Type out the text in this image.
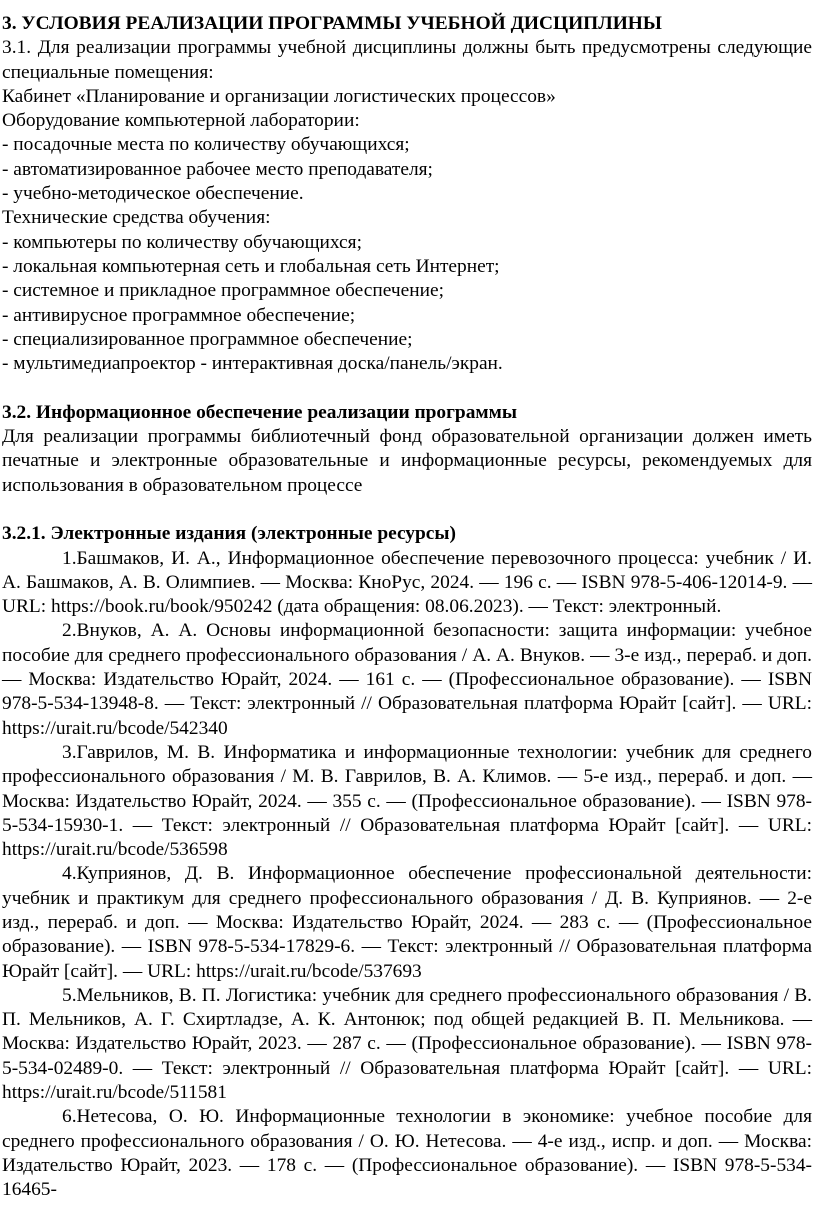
3. УСЛОВИЯ РЕАЛИЗАЦИИ ПРОГРАММЫ УЧЕБНОЙ ДИСЦИПЛИНЫ

3.1. Для реализации программы учебной дисциплины должны быть предусмотрены следующие специальные помещения:

Кабинет «Планирование и организации логистических процессов»

Оборудование компьютерной лаборатории:

- посадочные места по количеству обучающихся;

- автоматизированное рабочее место преподавателя;

- учебно-методическое обеспечение.

Технические средства обучения:

- компьютеры по количеству обучающихся;

- локальная компьютерная сеть и глобальная сеть Интернет;

- системное и прикладное программное обеспечение;

- антивирусное программное обеспечение;

- специализированное программное обеспечение;

- мультимедиапроектор - интерактивная доска/панель/экран.

3.2. Информационное обеспечение реализации программы

Для реализации программы библиотечный фонд образовательной организации должен иметь печатные и электронные образовательные и информационные ресурсы, рекомендуемых для использования в образовательном процессе

3.2.1. Электронные издания (электронные ресурсы)

1.Башмаков, И. А., Информационное обеспечение перевозочного процесса: учебник / И. А. Башмаков, А. В. Олимпиев. — Москва: КноРус, 2024. — 196 с. — ISBN 978-5-406-12014-9. — URL: https://book.ru/book/950242 (дата обращения: 08.06.2023). — Текст: электронный.

2.Внуков, А. А. Основы информационной безопасности: защита информации: учебное пособие для среднего профессионального образования / А. А. Внуков. — 3-е изд., перераб. и доп. — Москва: Издательство Юрайт, 2024. — 161 с. — (Профессиональное образование). — ISBN 978-5-534-13948-8. — Текст: электронный // Образовательная платформа Юрайт [сайт]. — URL: https://urait.ru/bcode/542340

3.Гаврилов, М. В. Информатика и информационные технологии: учебник для среднего профессионального образования / М. В. Гаврилов, В. А. Климов. — 5-е изд., перераб. и доп. — Москва: Издательство Юрайт, 2024. — 355 с. — (Профессиональное образование). — ISBN 978-5-534-15930-1. — Текст: электронный // Образовательная платформа Юрайт [сайт]. — URL: https://urait.ru/bcode/536598

4.Куприянов, Д. В. Информационное обеспечение профессиональной деятельности: учебник и практикум для среднего профессионального образования / Д. В. Куприянов. — 2-е изд., перераб. и доп. — Москва: Издательство Юрайт, 2024. — 283 с. — (Профессиональное образование). — ISBN 978-5-534-17829-6. — Текст: электронный // Образовательная платформа Юрайт [сайт]. — URL: https://urait.ru/bcode/537693

5.Мельников, В. П. Логистика: учебник для среднего профессионального образования / В. П. Мельников, А. Г. Схиртладзе, А. К. Антонюк; под общей редакцией В. П. Мельникова. — Москва: Издательство Юрайт, 2023. — 287 с. — (Профессиональное образование). — ISBN 978-5-534-02489-0. — Текст: электронный // Образовательная платформа Юрайт [сайт]. — URL: https://urait.ru/bcode/511581

6.Нетесова, О. Ю. Информационные технологии в экономике: учебное пособие для среднего профессионального образования / О. Ю. Нетесова. — 4-е изд., испр. и доп. — Москва: Издательство Юрайт, 2023. — 178 с. — (Профессиональное образование). — ISBN 978-5-534-16465-
